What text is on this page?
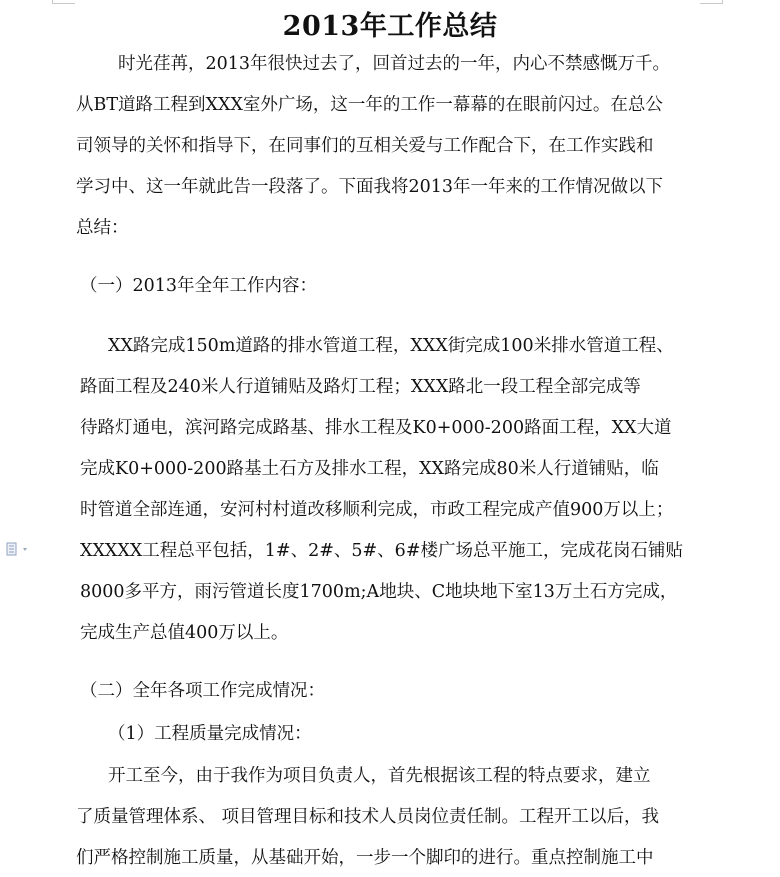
2013年工作总结
时光荏苒，2013年很快过去了，回首过去的一年，内心不禁感慨万千。
从BT道路工程到XXX室外广场，这一年的工作一幕幕的在眼前闪过。在总公
司领导的关怀和指导下，在同事们的互相关爱与工作配合下，在工作实践和
学习中、这一年就此告一段落了。下面我将2013年一年来的工作情况做以下
总结：
（一）2013年全年工作内容：
XX路完成150m道路的排水管道工程，XXX街完成100米排水管道工程、
路面工程及240米人行道铺贴及路灯工程；XXX路北一段工程全部完成等
待路灯通电，滨河路完成路基、排水工程及K0+000-200路面工程，XX大道
完成K0+000-200路基土石方及排水工程，XX路完成80米人行道铺贴，临
时管道全部连通，安河村村道改移顺利完成，市政工程完成产值900万以上；
XXXXX工程总平包括，1#、2#、5#、6#楼广场总平施工，完成花岗石铺贴
8000多平方，雨污管道长度1700m;A地块、C地块地下室13万土石方完成，
完成生产总值400万以上。
（二）全年各项工作完成情况：
（1）工程质量完成情况：
开工至今，由于我作为项目负责人，首先根据该工程的特点要求，建立
了质量管理体系、 项目管理目标和技术人员岗位责任制。工程开工以后，我
们严格控制施工质量，从基础开始，一步一个脚印的进行。重点控制施工中
